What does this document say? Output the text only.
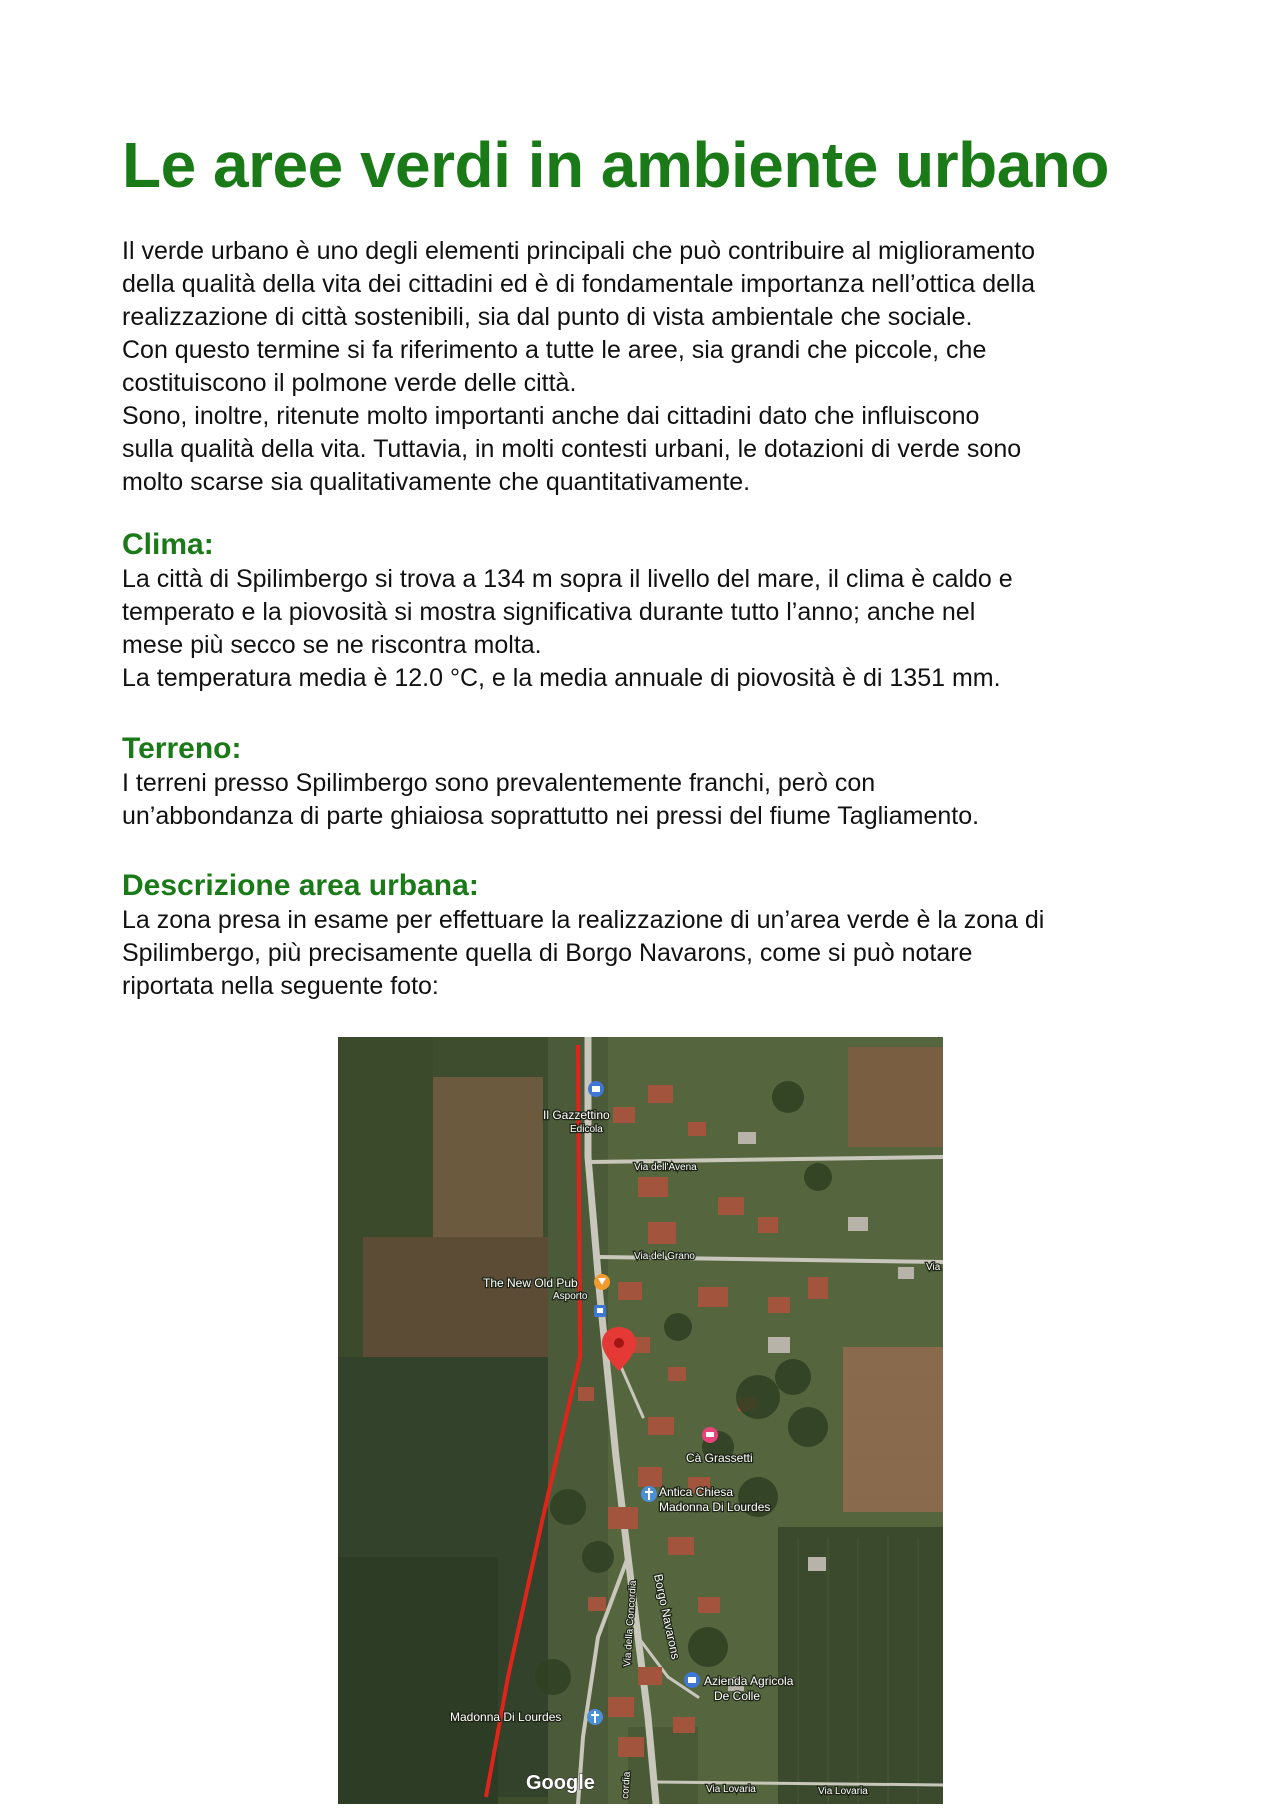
Le aree verdi in ambiente urbano

Il verde urbano è uno degli elementi principali che può contribuire al miglioramento

della qualità della vita dei cittadini ed è di fondamentale importanza nell’ottica della

realizzazione di città sostenibili, sia dal punto di vista ambientale che sociale.

Con questo termine si fa riferimento a tutte le aree, sia grandi che piccole, che

costituiscono il polmone verde delle città.

Sono, inoltre, ritenute molto importanti anche dai cittadini dato che influiscono

sulla qualità della vita. Tuttavia, in molti contesti urbani, le dotazioni di verde sono

molto scarse sia qualitativamente che quantitativamente.

Clima:

La città di Spilimbergo si trova a 134 m sopra il livello del mare, il clima è caldo e

temperato e la piovosità si mostra significativa durante tutto l’anno; anche nel

mese più secco se ne riscontra molta.

La temperatura media è 12.0 °C, e la media annuale di piovosità è di 1351 mm.

Terreno:

I terreni presso Spilimbergo sono prevalentemente franchi, però con

un’abbondanza di parte ghiaiosa soprattutto nei pressi del fiume Tagliamento.

Descrizione area urbana:

La zona presa in esame per effettuare la realizzazione di un’area verde è la zona di

Spilimbergo, più precisamente quella di Borgo Navarons, come si può notare

riportata nella seguente foto:

Il Gazzettino
Edicola
Via dell'Avena
Via del Grano
Via
The New Old Pub
Asporto
Cà Grassetti
Antica Chiesa
Madonna Di Lourdes
Borgo Navarons
Via della Concordia
Azienda Agricola
De Colle
Madonna Di Lourdes
cordia	Via Lovaria	Via Lovaria
Google
